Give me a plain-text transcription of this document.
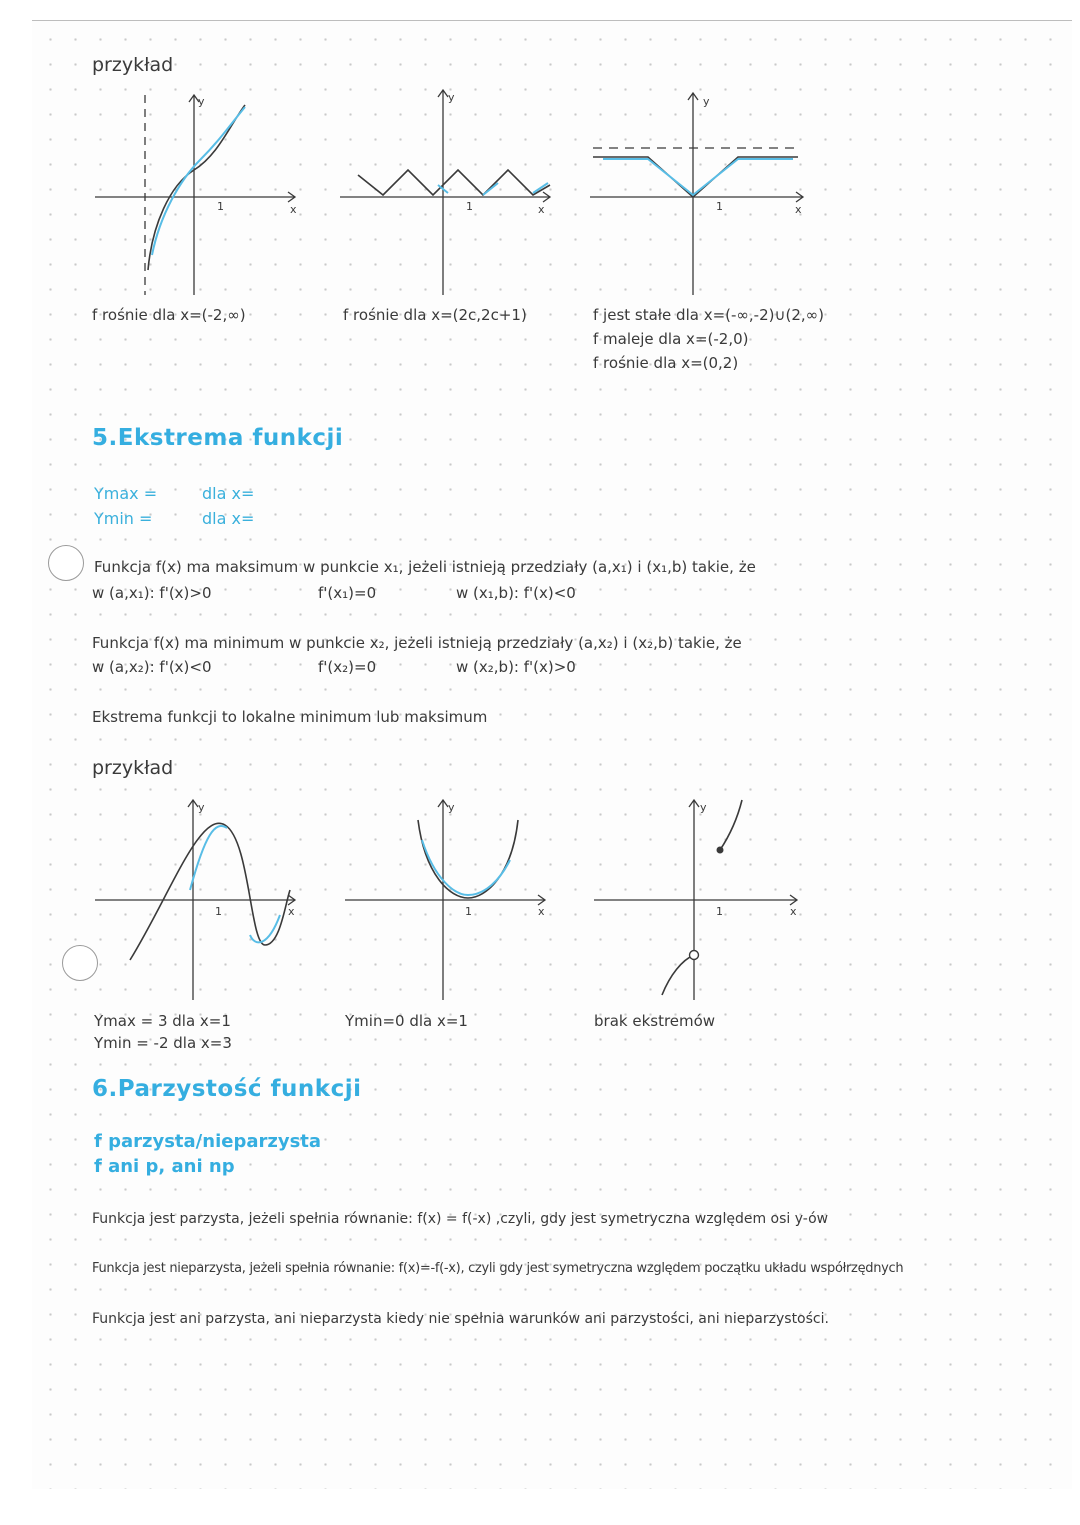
przykład
y
x
1
f rośnie dla x=(-2,∞)
y
x
1
f rośnie dla x=(2c,2c+1)
y
x
1
f jest stałe dla x=(-∞,-2)∪(2,∞)
f maleje dla x=(-2,0)
f rośnie dla x=(0,2)
5.Ekstrema funkcji
Ymax =	dla x=
Ymin =	dla x=
Funkcja f(x) ma maksimum w punkcie x₁, jeżeli istnieją przedziały (a,x₁) i (x₁,b) takie, że
w (a,x₁): f'(x)>0	f'(x₁)=0	w (x₁,b): f'(x)<0
Funkcja f(x) ma minimum w punkcie x₂, jeżeli istnieją przedziały (a,x₂) i (x₂,b) takie, że
w (a,x₂): f'(x)<0	f'(x₂)=0	w (x₂,b): f'(x)>0
Ekstrema funkcji to lokalne minimum lub maksimum
przykład
y
x
1
Ymax = 3 dla x=1
Ymin = -2 dla x=3
y
x
1
Ymin=0 dla x=1
y
x
1
brak ekstremów
6.Parzystość funkcji
f parzysta/nieparzysta
f ani p, ani np
Funkcja jest parzysta, jeżeli spełnia równanie: f(x) = f(-x) ,czyli, gdy jest symetryczna względem osi y-ów
Funkcja jest nieparzysta, jeżeli spełnia równanie: f(x)=-f(-x), czyli gdy jest symetryczna względem początku układu współrzędnych
Funkcja jest ani parzysta, ani nieparzysta kiedy nie spełnia warunków ani parzystości, ani nieparzystości.
